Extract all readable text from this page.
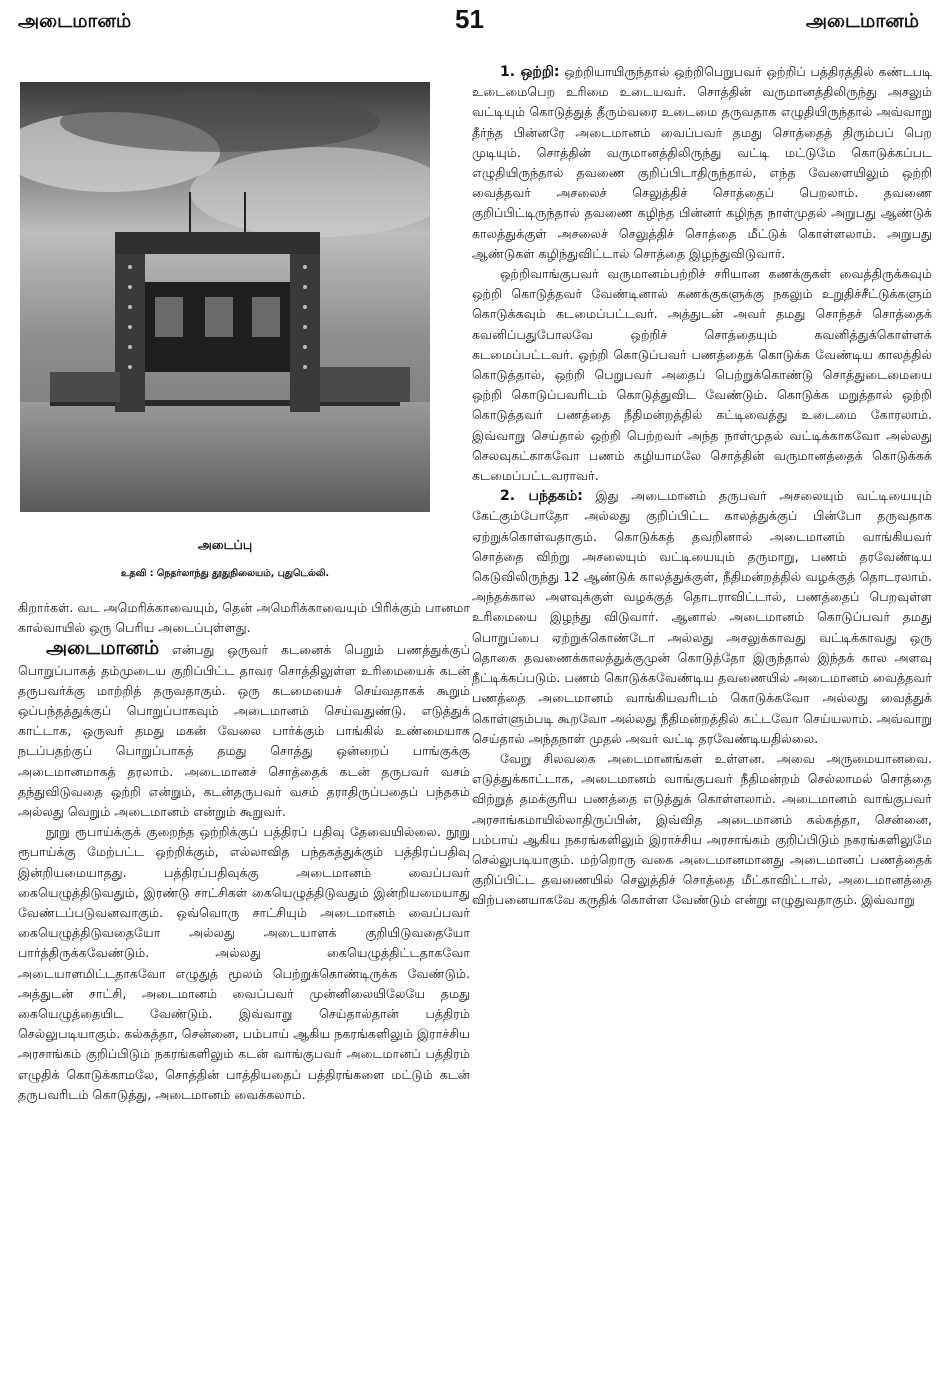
அடைமானம்	51	அடைமானம்
அடைப்பு
உதவி : நெதர்லாந்து தூதுநிலையம், புதுடெல்லி.

கிறார்கள். வட அமெரிக்காவையும், தென் அமெரிக்காவையும் பிரிக்கும் பானமா கால்வாயில் ஒரு பெரிய அடைப்புள்ளது.

அடைமானம் என்பது ஒருவர் கடனைக் பெறும் பணத்துக்குப் பொறுப்பாகத் தம்முடைய குறிப்பிட்ட தாவர சொத்திலுள்ள உரிமையைக் கடன் தருபவர்க்கு மாற்றித் தருவதாகும். ஒரு கடமையைச் செய்வதாகக் கூறும் ஒப்பந்தத்துக்குப் பொறுப்பாகவும் அடைமானம் செய்வதுண்டு. எடுத்துக் காட்டாக, ஒருவர் தமது மகன் வேலை பார்க்கும் பாங்கில் உண்மையாக நடப்பதற்குப் பொறுப்பாகத் தமது சொத்து ஒன்றைப் பாங்குக்கு அடைமானமாகத் தரலாம். அடைமானச் சொத்தைக் கடன் தருபவர் வசம் தந்துவிடுவதை ஒற்றி என்றும், கடன்தருபவர் வசம் தராதிருப்பதைப் பந்தகம் அல்லது வெறும் அடைமானம் என்றும் கூறுவர்.

நூறு ரூபாய்க்குக் குறைந்த ஒற்றிக்குப் பத்திரப் பதிவு தேவையில்லை. நூறு ரூபாய்க்கு மேற்பட்ட ஒற்றிக்கும், எல்லாவித பந்தகத்துக்கும் பத்திரப்பதிவு இன்றியமையாதது. பத்திரப்பதிவுக்கு அடைமானம் வைப்பவர் கையெழுத்திடுவதும், இரண்டு சாட்சிகள் கையெழுத்திடுவதும் இன்றியமையாது வேண்டப்படுவனவாகும். ஒவ்வொரு சாட்சியும் அடைமானம் வைப்பவர் கையெழுத்திடுவதையோ அல்லது அடையாளக் குறியிடுவதையோ பார்த்திருக்கவேண்டும். அல்லது கையெழுத்திட்டதாகவோ அடையாளமிட்டதாகவோ எழுதுத் மூலம் பெற்றுக்கொண்டிருக்க வேண்டும். அத்துடன் சாட்சி, அடைமானம் வைப்பவர் முன்னிலையிலேயே தமது கையெழுத்தையிட வேண்டும். இவ்வாறு செய்தால்தான் பத்திரம் செல்லுபடியாகும். கல்கத்தா, சென்னை, பம்பாய் ஆகிய நகரங்களிலும் இராச்சிய அரசாங்கம் குறிப்பிடும் நகரங்களிலும் கடன் வாங்குபவர் அடைமானப் பத்திரம் எழுதிக் கொடுக்காமலே, சொத்தின் பாத்தியதைப் பத்திரங்களை மட்டும் கடன் தருபவரிடம் கொடுத்து, அடைமானம் வைக்கலாம்.

1. ஒற்றி: ஒற்றியாயிருந்தால் ஒற்றிபெறுபவர் ஒற்றிப் பத்திரத்தில் கண்டபடி உடைமைபெற உரிமை உடையவர். சொத்தின் வருமானத்திலிருந்து அசலும் வட்டியும் கொடுத்துத் தீரும்வரை உடைமை தருவதாக எழுதியிருந்தால் அவ்வாறு தீர்ந்த பின்னரே அடைமானம் வைப்பவர் தமது சொத்தைத் திரும்பப் பெற முடியும். சொத்தின் வருமானத்திலிருந்து வட்டி மட்டுமே கொடுக்கப்பட எழுதியிருந்தால் தவணை குறிப்பிடாதிருந்தால், எந்த வேளையிலும் ஒற்றி வைத்தவர் அசலைச் செலுத்திச் சொத்தைப் பெறலாம். தவணை குறிப்பிட்டிருந்தால் தவணை கழிந்த பின்னர் கழிந்த நாள்முதல் அறுபது ஆண்டுக் காலத்துக்குள் அசலைச் செலுத்திச் சொத்தை மீட்டுக் கொள்ளலாம். அறுபது ஆண்டுகள் கழிந்துவிட்டால் சொத்தை இழந்துவிடுவார்.

ஒற்றிவாங்குபவர் வருமானம்பற்றிச் சரியான கணக்குகள் வைத்திருக்கவும் ஒற்றி கொடுத்தவர் வேண்டினால் கணக்குகளுக்கு நகலும் உறுதிச்சீட்டுக்களும் கொடுக்கவும் கடமைப்பட்டவர். அத்துடன் அவர் தமது சொந்தச் சொத்தைக் கவனிப்பதுபோலவே ஒற்றிச் சொத்தையும் கவனித்துக்கொள்ளக் கடமைப்பட்டவர். ஒற்றி கொடுப்பவர் பணத்தைக் கொடுக்க வேண்டிய காலத்தில் கொடுத்தால், ஒற்றி பெறுபவர் அதைப் பெற்றுக்கொண்டு சொத்துடைமையை ஒற்றி கொடுப்பவரிடம் கொடுத்துவிட வேண்டும். கொடுக்க மறுத்தால் ஒற்றி கொடுத்தவர் பணத்தை நீதிமன்றத்தில் கட்டிவைத்து உடைமை கோரலாம். இவ்வாறு செய்தால் ஒற்றி பெற்றவர் அந்த நாள்முதல் வட்டிக்காகவோ அல்லது செலவுகட்காகவோ பணம் கழியாமலே சொத்தின் வருமானத்தைக் கொடுக்கக் கடமைப்பட்டவராவர்.

2. பந்தகம்: இது அடைமானம் தருபவர் அசலையும் வட்டியையும் கேட்கும்போதோ அல்லது குறிப்பிட்ட காலத்துக்குப் பின்போ தருவதாக ஏற்றுக்கொள்வதாகும். கொடுக்கத் தவறினால் அடைமானம் வாங்கியவர் சொத்தை விற்று அசலையும் வட்டியையும் தருமாறு, பணம் தரவேண்டிய கெடுவிலிருந்து 12 ஆண்டுக் காலத்துக்குள், நீதிமன்றத்தில் வழக்குத் தொடரலாம். அந்தக்கால அளவுக்குள் வழக்குத் தொடராவிட்டால், பணத்தைப் பெறவுள்ள உரிமையை இழந்து விடுவார். ஆனால் அடைமானம் கொடுப்பவர் தமது பொறுப்பை ஏற்றுக்கொண்டோ அல்லது அசலுக்காவது வட்டிக்காவது ஒரு தொகை தவணைக்காலத்துக்குமுன் கொடுத்தோ இருந்தால் இந்தக் கால அளவு நீட்டிக்கப்படும். பணம் கொடுக்கவேண்டிய தவணையில் அடைமானம் வைத்தவர் பணத்தை அடைமானம் வாங்கியவரிடம் கொடுக்கவோ அல்லது வைத்துக் கொள்ளும்படி கூறவோ அல்லது நீதிமன்றத்தில் கட்டவோ செய்யலாம். அவ்வாறு செய்தால் அந்தநாள் முதல் அவர் வட்டி தரவேண்டியதில்லை.

வேறு சிலவகை அடைமானங்கள் உள்ளன. அவை அருமையானவை. எடுத்துக்காட்டாக, அடைமானம் வாங்குபவர் நீதிமன்றம் செல்லாமல் சொத்தை விற்றுத் தமக்குரிய பணத்தை எடுத்துக் கொள்ளலாம். அடைமானம் வாங்குபவர் அரசாங்கமாயில்லாதிருப்பின், இவ்வித அடைமானம் கல்கத்தா, சென்னை, பம்பாய் ஆகிய நகரங்களிலும் இராச்சிய அரசாங்கம் குறிப்பிடும் நகரங்களிலுமே செல்லுபடியாகும். மற்றொரு வகை அடைமானமானது அடைமானப் பணத்தைக் குறிப்பிட்ட தவணையில் செலுத்திச் சொத்தை மீட்காவிட்டால், அடைமானத்தை விற்பனையாகவே கருதிக் கொள்ள வேண்டும் என்று எழுதுவதாகும். இவ்வாறு
